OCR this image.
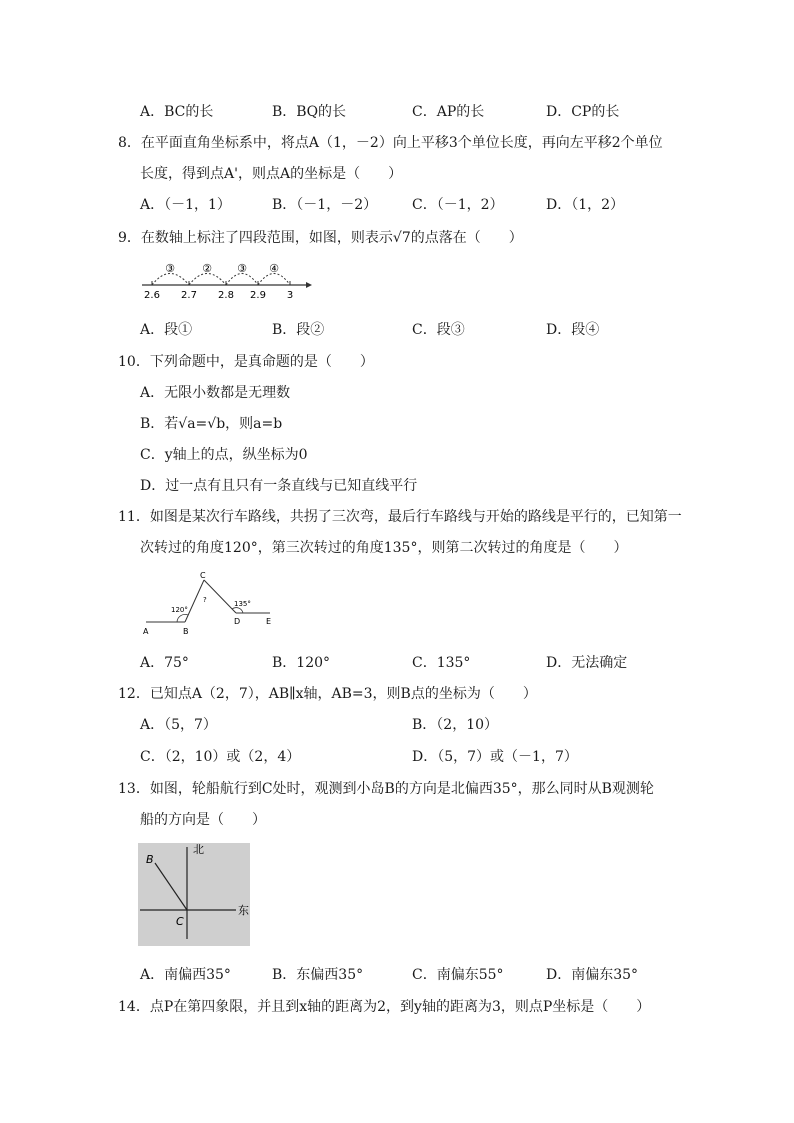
A．BC的长	B．BQ的长	C．AP的长	D．CP的长
8．在平面直角坐标系中，将点A（1，－2）向上平移3个单位长度，再向左平移2个单位
长度，得到点A'，则点A的坐标是（　　）
A．（－1，1）	B．（－1，－2） C．（－1，2）	D．（1，2）
9．在数轴上标注了四段范围，如图，则表示√7的点落在（　　）
③ ② ③ ④
2.6 2.7 2.8 2.9 3
A．段①	B．段②	C．段③	D．段④
10．下列命题中，是真命题的是（　　）
A．无限小数都是无理数
B．若√a=√b，则a=b
C．y轴上的点，纵坐标为0
D．过一点有且只有一条直线与已知直线平行
11．如图是某次行车路线，共拐了三次弯，最后行车路线与开始的路线是平行的，已知第一
次转过的角度120°，第三次转过的角度135°，则第二次转过的角度是（　　）
A	B
C
D	E
120°
?	135°
A．75°	B．120°	C．135°	D．无法确定
12．已知点A（2，7），AB∥x轴，AB=3，则B点的坐标为（　　）
A．（5，7）	B．（2，10）
C．（2，10）或（2，4）	D．（5，7）或（－1，7）
13．如图，轮船航行到C处时，观测到小岛B的方向是北偏西35°，那么同时从B观测轮
船的方向是（　　）
北
东
B
C
A．南偏西35°	B．东偏西35°	C．南偏东55°	D．南偏东35°
14．点P在第四象限，并且到x轴的距离为2，到y轴的距离为3，则点P坐标是（　　）
